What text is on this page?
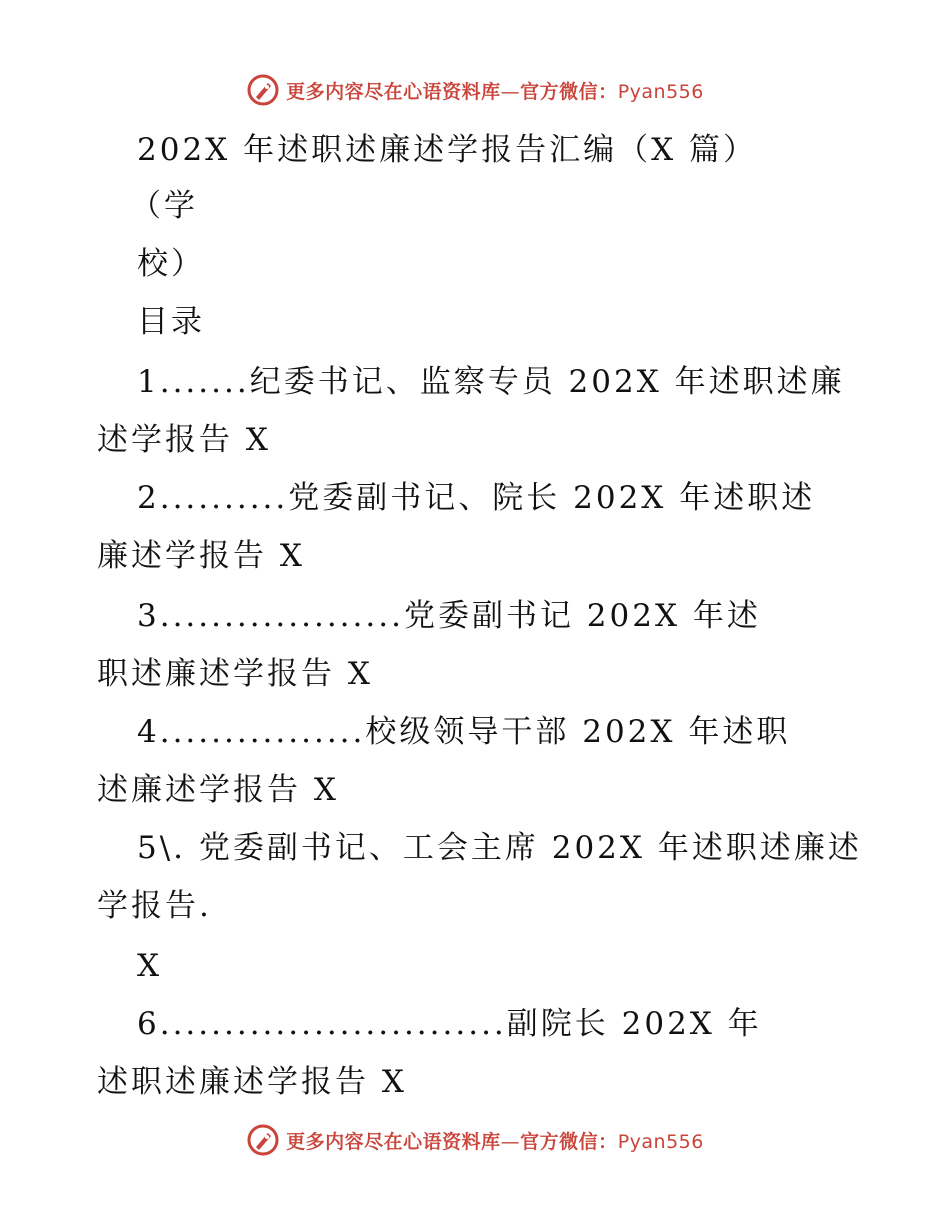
更多内容尽在心语资料库—官方微信：Pyan556
202X 年述职述廉述学报告汇编（X 篇）
（学
校）
目录
1.......纪委书记、监察专员 202X 年述职述廉
述学报告 X
2..........党委副书记、院长 202X 年述职述
廉述学报告 X
3...................党委副书记 202X 年述
职述廉述学报告 X
4................校级领导干部 202X 年述职
述廉述学报告 X
5\. 党委副书记、工会主席 202X 年述职述廉述
学报告.
X
6...........................副院长 202X 年
述职述廉述学报告 X
更多内容尽在心语资料库—官方微信：Pyan556
